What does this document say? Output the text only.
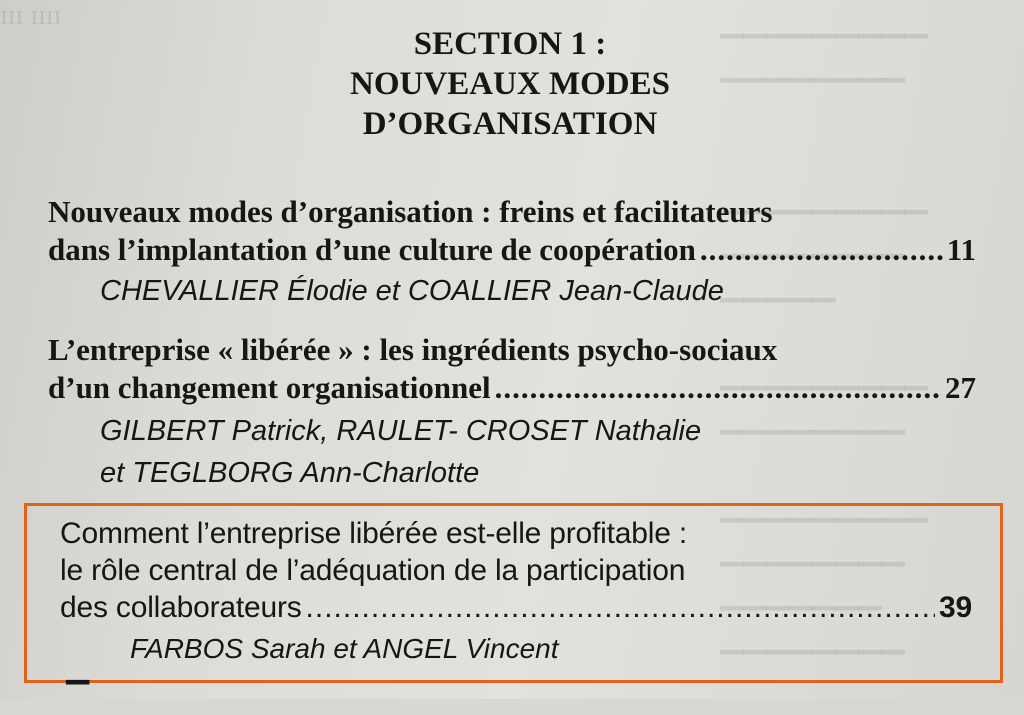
ɪɪɪ ɪɪɪɪ	▁▁▁▁▁▁▁▁▁
▁▁▁▁▁▁▁▁

▁▁▁▁▁▁▁▁▁
▁▁▁▁▁▁▁▁
▁▁▁▁▁

▁▁▁▁▁▁▁▁▁
▁▁▁▁▁▁▁▁

▁▁▁▁▁▁▁▁▁
▁▁▁▁▁▁▁▁
▁▁▁▁▁▁▁
▁▁▁▁▁▁▁▁
SECTION 1 :
NOUVEAUX MODES
D’ORGANISATION
Nouveaux modes d’organisation : freins et facilitateurs
dans l’implantation d’une culture de coopération .....	11
CHEVALLIER Élodie et COALLIER Jean-Claude
L’entreprise « libérée » : les ingrédients psycho-sociaux
d’un changement organisationnel .....	27
GILBERT Patrick, RAULET- CROSET Nathalie
et TEGLBORG Ann-Charlotte
Comment l’entreprise libérée est-elle profitable :
le rôle central de l’adéquation de la participation
des collaborateurs .....	39
FARBOS Sarah et ANGEL Vincent
▔
